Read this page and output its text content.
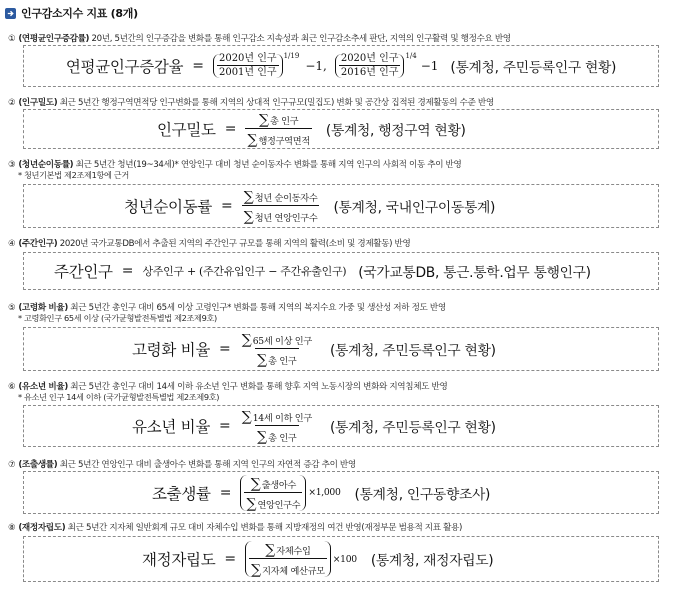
인구감소지수 지표 (8개)
① (연평균인구증감률) 20년, 5년간의 인구증감을 변화를 통해 인구감소 지속성과 최근 인구감소추세 판단, 지역의 인구활력 및 행정수요 반영
연평균인구증감율 = $\frac{\text{2020년 인구}}{\text{2001년 인구}} 1/19$
−1, $\frac{\text{2020년 인구}}{\text{2016년 인구}} 1/4$
−1 (통계청, 주민등록인구 현황)
② (인구밀도) 최근 5년간 행정구역면적당 인구변화를 통해 지역의 상대적 인구규모(밀집도) 변화 및 공간상 집적된 경제활동의 수준 반영
인구밀도 = $\frac{\text{∑총 인구}}{\text{∑행정구역면적}}$ (통계청, 행정구역 현황)
③ (청년순이동률) 최근 5년간 청년(19~34세)* 연앙인구 대비 청년 순이동자수 변화를 통해 지역 인구의 사회적 이동 추이 반영
* 청년기본법 제2조제1항에 근거
청년순이동률 = $\frac{\text{∑청년 순이동자수}}{\text{∑청년 연앙인구수}}$ (통계청, 국내인구이동통계)
④ (주간인구) 2020년 국가교통DB에서 추출된 지역의 주간인구 규모를 통해 지역의 활력(소비 및 경제활동) 반영
주간인구 = 상주인구 + (주간유입인구 − 주간유출인구) (국가교통DB, 통근.통학.업무 통행인구)
⑤ (고령화 비율) 최근 5년간 총인구 대비 65세 이상 고령인구* 변화를 통해 지역의 복지수요 가중 및 생산성 저하 정도 반영
* 고령화인구 65세 이상 (국가균형발전특별법 제2조제9호)
고령화 비율 = $\frac{\text{∑65세 이상 인구}}{\text{∑총 인구}}$ (통계청, 주민등록인구 현황)
⑥ (유소년 비율) 최근 5년간 총인구 대비 14세 이하 유소년 인구 변화를 통해 향후 지역 노동시장의 변화와 지역침체도 반영
* 유소년 인구 14세 이하 (국가균형발전특별법 제2조제9호)
유소년 비율 = $\frac{\text{∑14세 이하 인구}}{\text{∑총 인구}}$ (통계청, 주민등록인구 현황)
⑦ (조출생률) 최근 5년간 연앙인구 대비 출생아수 변화를 통해 지역 인구의 자연적 증감 추이 반영
조출생률 = $\frac{\text{∑출생아수}}{\text{∑연앙인구수}} \times 1,000$ (통계청, 인구동향조사)
⑧ (재정자립도) 최근 5년간 지자체 일반회계 규모 대비 자체수입 변화를 통해 지방재정의 여건 반영(재정부문 범용적 지표 활용)
재정자립도 = $\frac{\text{∑자체수입}}{\text{∑지자체 예산규모}} \times 100$ (통계청, 재정자립도)
